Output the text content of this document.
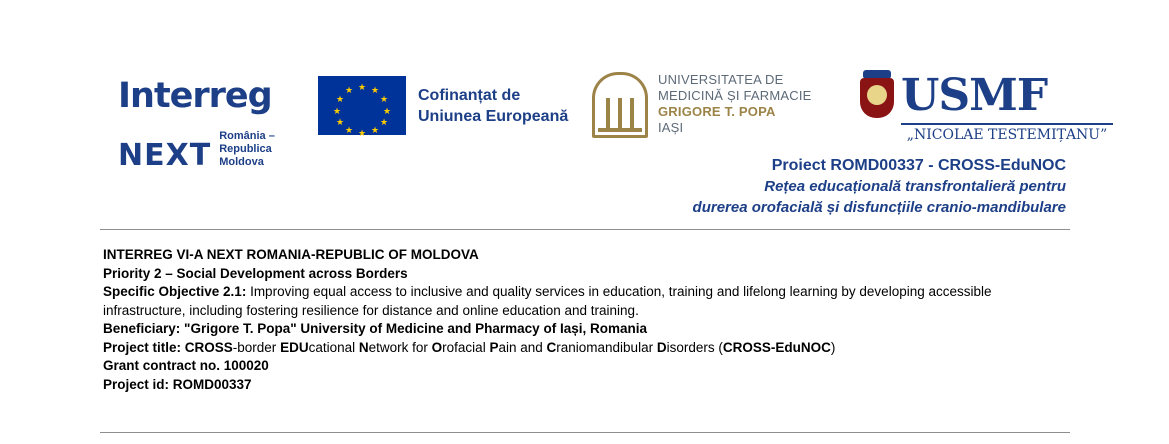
Interreg
NEXT
România –
Republica Moldova
★ ★
★
★
★
★
★
★
★
★
★
★	Cofinanțat de
Uniunea Europeană
UNIVERSITATEA DE
MEDICINĂ ȘI FARMACIE
GRIGORE T. POPA
IAȘI
USMF
„NICOLAE TESTEMIȚANU”
Proiect ROMD00337 - CROSS-EduNOC
Rețea educațională transfrontalieră pentru
durerea orofacială și disfuncțiile cranio-mandibulare

INTERREG VI-A NEXT ROMANIA-REPUBLIC OF MOLDOVA

Priority 2 – Social Development across Borders

Specific Objective 2.1: Improving equal access to inclusive and quality services in education, training and lifelong learning by developing accessible infrastructure, including fostering resilience for distance and online education and training.

Beneficiary: "Grigore T. Popa" University of Medicine and Pharmacy of Iași, Romania

Project title: CROSS-border EDUcational Network for Orofacial Pain and Craniomandibular Disorders (CROSS-EduNOC)

Grant contract no. 100020

Project id: ROMD00337
